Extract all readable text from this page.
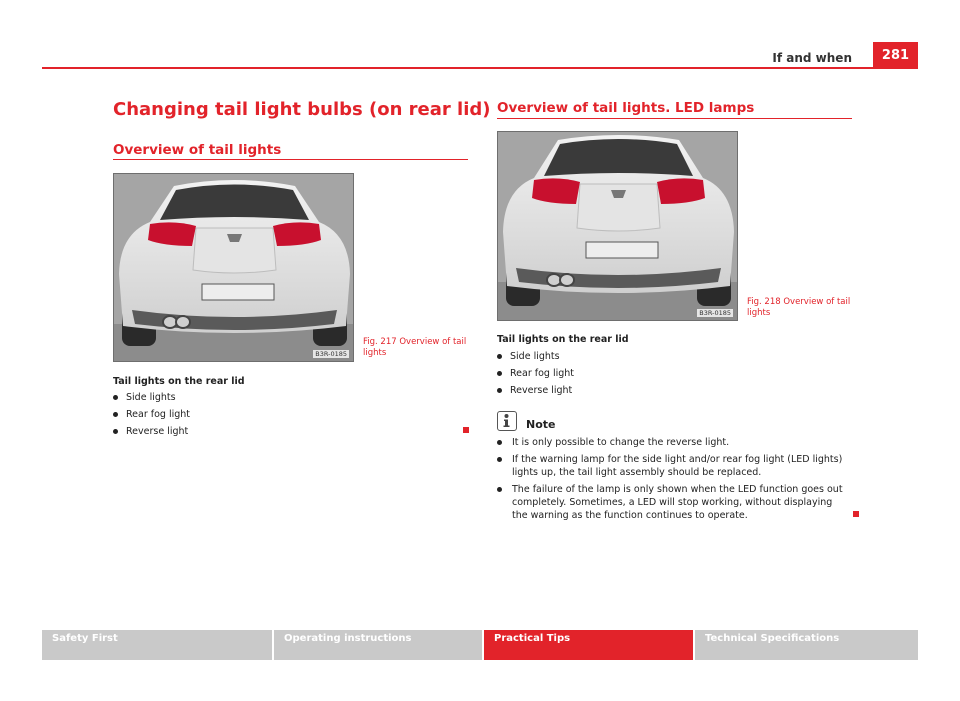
If and when	281
Changing tail light bulbs (on rear lid)
Overview of tail lights
B3R-0185
Fig. 217 Overview of tail lights
Tail lights on the rear lid
Side lights
Rear fog light
Reverse light
Overview of tail lights. LED lamps
B3R-0185
Fig. 218 Overview of tail lights
Tail lights on the rear lid
Side lights
Rear fog light
Reverse light
Note
It is only possible to change the reverse light.
If the warning lamp for the side light and/or rear fog light (LED lights) lights up, the tail light assembly should be replaced.
The failure of the lamp is only shown when the LED function goes out completely. Sometimes, a LED will stop working, without displaying the warning as the function continues to operate.
Safety First	Operating instructions	Practical Tips	Technical Specifications
